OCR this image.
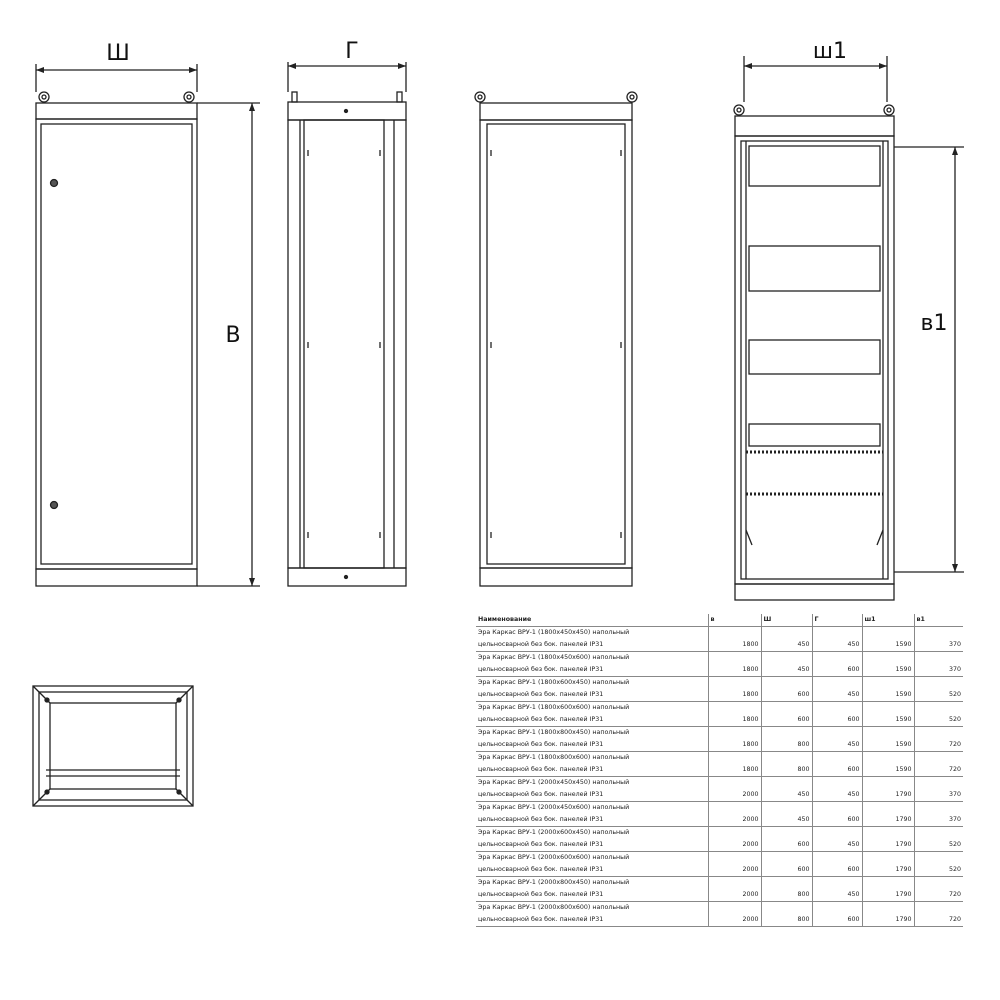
Ш
В
Г	ш1
в1
Наименование	в	Ш	Г	ш1	в1
Эра Каркас ВРУ-1 (1800х450х450) напольный					
цельносварной без бок. панелей IP31	1800	450	450	1590	370
Эра Каркас ВРУ-1 (1800х450х600) напольный					
цельносварной без бок. панелей IP31	1800	450	600	1590	370
Эра Каркас ВРУ-1 (1800х600х450) напольный					
цельносварной без бок. панелей IP31	1800	600	450	1590	520
Эра Каркас ВРУ-1 (1800х600х600) напольный					
цельносварной без бок. панелей IP31	1800	600	600	1590	520
Эра Каркас ВРУ-1 (1800х800х450) напольный					
цельносварной без бок. панелей IP31	1800	800	450	1590	720
Эра Каркас ВРУ-1 (1800х800х600) напольный					
цельносварной без бок. панелей IP31	1800	800	600	1590	720
Эра Каркас ВРУ-1 (2000х450х450) напольный					
цельносварной без бок. панелей IP31	2000	450	450	1790	370
Эра Каркас ВРУ-1 (2000х450х600) напольный					
цельносварной без бок. панелей IP31	2000	450	600	1790	370
Эра Каркас ВРУ-1 (2000х600х450) напольный					
цельносварной без бок. панелей IP31	2000	600	450	1790	520
Эра Каркас ВРУ-1 (2000х600х600) напольный					
цельносварной без бок. панелей IP31	2000	600	600	1790	520
Эра Каркас ВРУ-1 (2000х800х450) напольный					
цельносварной без бок. панелей IP31	2000	800	450	1790	720
Эра Каркас ВРУ-1 (2000х800х600) напольный					
цельносварной без бок. панелей IP31	2000	800	600	1790	720
